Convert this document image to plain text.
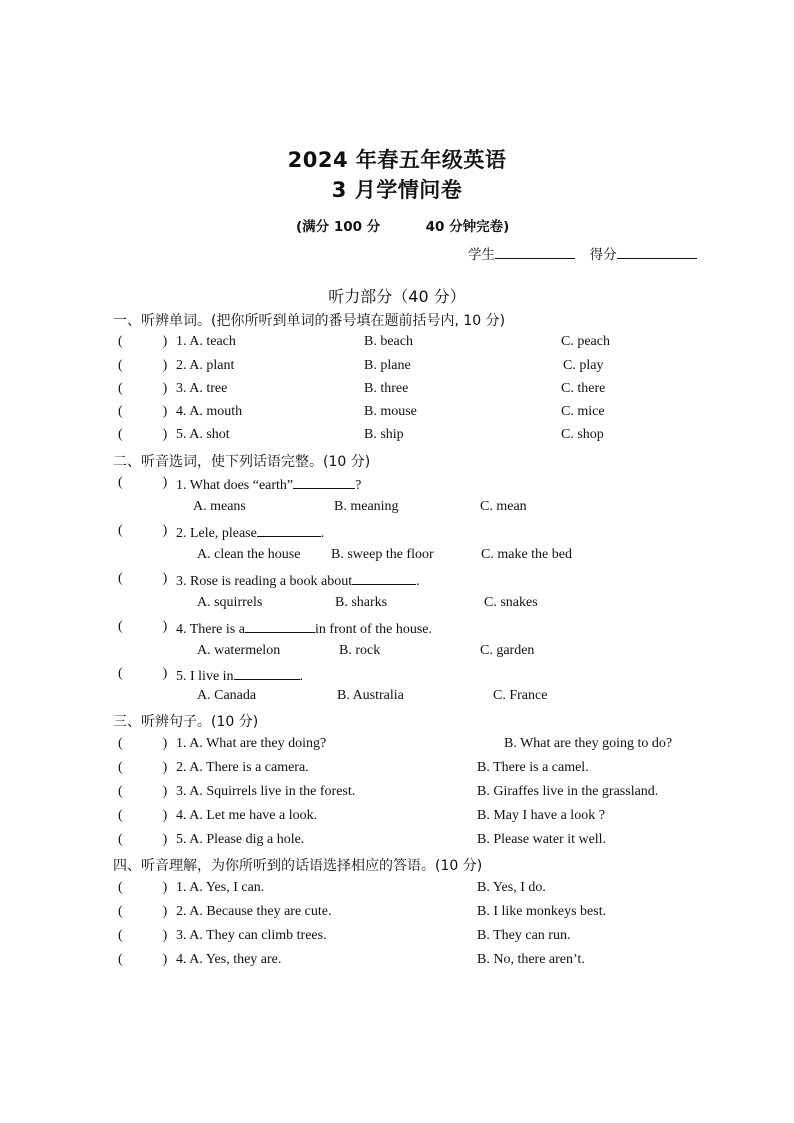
2024 年春五年级英语
3 月学情问卷
(满分 100 分	40 分钟完卷)
学生	得分
听力部分（40 分）
一、听辨单词。(把你所听到单词的番号填在题前括号内, 10 分)
(	) 1. A. teach	B. beach	C. peach
(	) 2. A. plant	B. plane	C. play
(	) 3. A. tree	B. three	C. there
(	) 4. A. mouth	B. mouse	C. mice
(	) 5. A. shot	B. ship	C. shop
二、听音选词，使下列话语完整。(10 分)
(	) 1. What does “earth”	?
A. means	B. meaning	C. mean
(	) 2. Lele, please	.
A. clean the house B. sweep the floor	C. make the bed
(	) 3. Rose is reading a book about	.
A. squirrels	B. sharks	C. snakes
(	) 4. There is a	in front of the house.
A. watermelon	B. rock	C. garden
(	) 5. I live in	.
A. Canada	B. Australia	C. France
三、听辨句子。(10 分)
(	) 1. A. What are they doing?	B. What are they going to do?
(	) 2. A. There is a camera.	B. There is a camel.
(	) 3. A. Squirrels live in the forest.	B. Giraffes live in the grassland.
(	) 4. A. Let me have a look.	B. May I have a look ?
(	) 5. A. Please dig a hole.	B. Please water it well.
四、听音理解，为你所听到的话语选择相应的答语。(10 分)
(	) 1. A. Yes, I can.	B. Yes, I do.
(	) 2. A. Because they are cute.	B. I like monkeys best.
(	) 3. A. They can climb trees.	B. They can run.
(	) 4. A. Yes, they are.	B. No, there aren’t.
